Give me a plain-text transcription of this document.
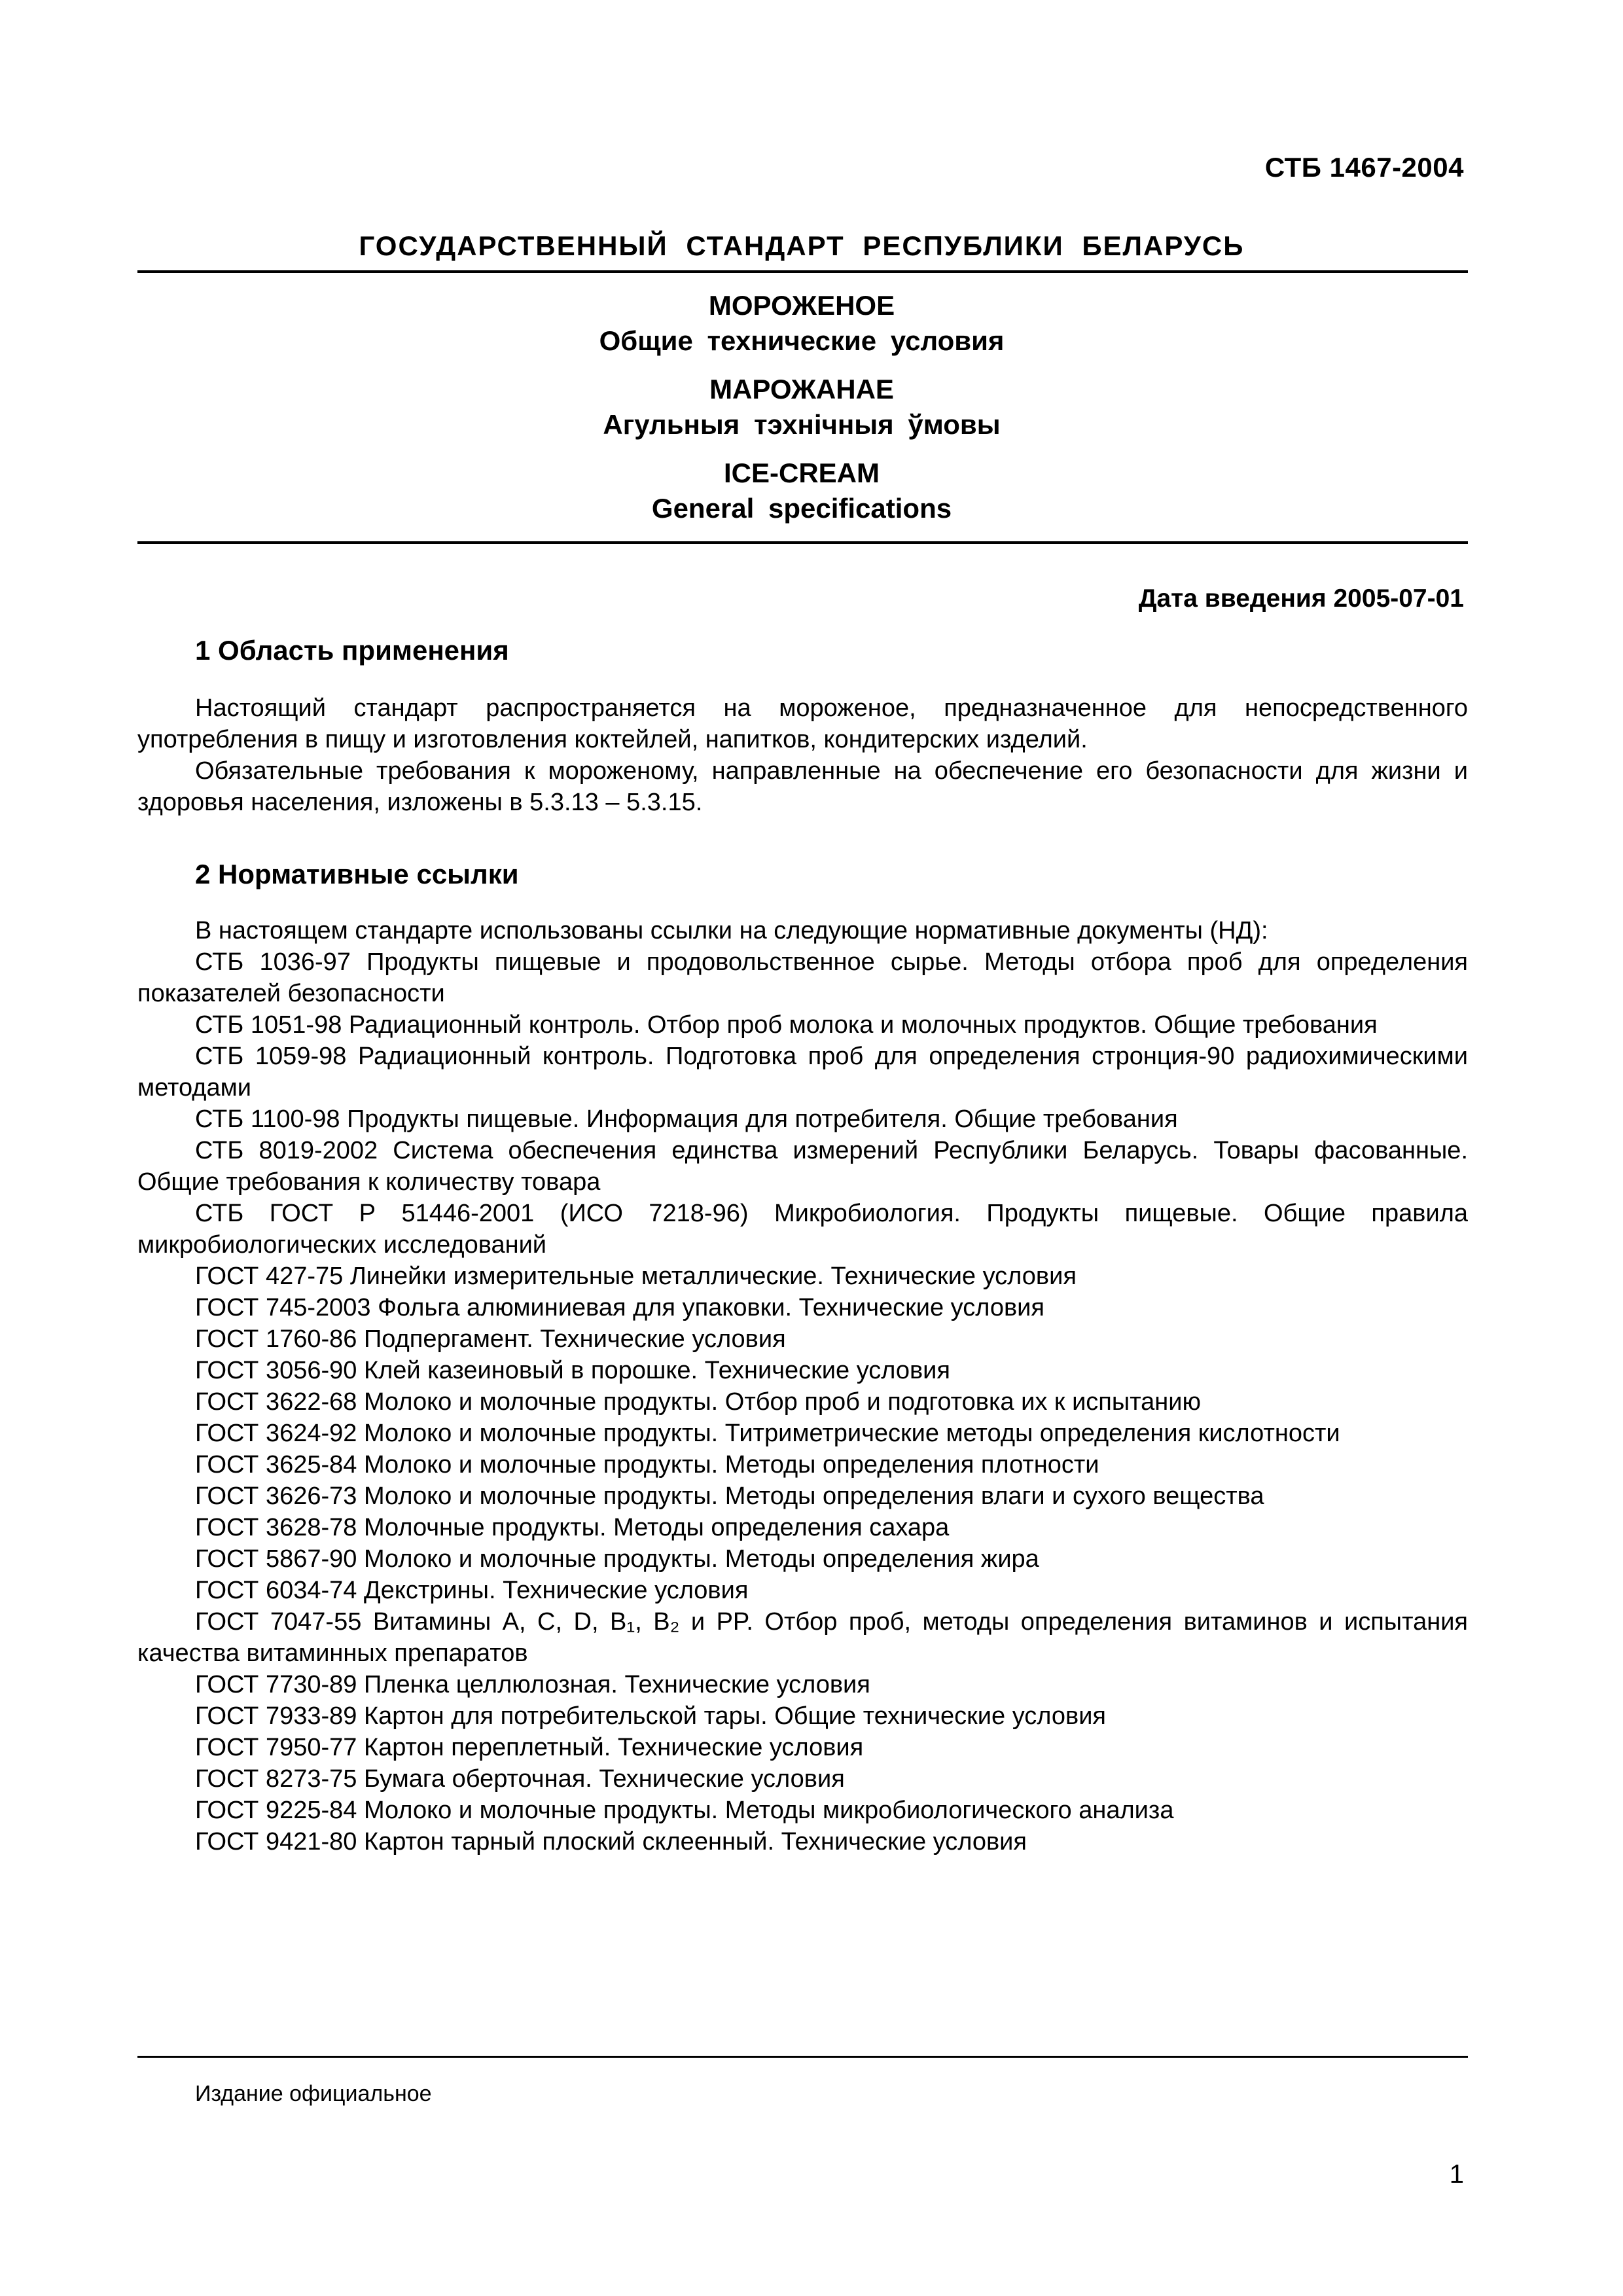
СТБ 1467-2004
ГОСУДАРСТВЕННЫЙ СТАНДАРТ РЕСПУБЛИКИ БЕЛАРУСЬ
МОРОЖЕНОЕ
Общие технические условия
МАРОЖАНАЕ
Агульныя тэхнічныя ўмовы
ICE-CREAM
General specifications
Дата введения 2005-07-01
1 Область применения

Настоящий стандарт распространяется на мороженое, предназначенное для непосредственного употребления в пищу и изготовления коктейлей, напитков, кондитерских изделий.

Обязательные требования к мороженому, направленные на обеспечение его безопасности для жизни и здоровья населения, изложены в 5.3.13 – 5.3.15.

2 Нормативные ссылки

В настоящем стандарте использованы ссылки на следующие нормативные документы (НД):

СТБ 1036-97 Продукты пищевые и продовольственное сырье. Методы отбора проб для определения показателей безопасности

СТБ 1051-98 Радиационный контроль. Отбор проб молока и молочных продуктов. Общие требования

СТБ 1059-98 Радиационный контроль. Подготовка проб для определения стронция-90 радиохимическими методами

СТБ 1100-98 Продукты пищевые. Информация для потребителя. Общие требования

СТБ 8019-2002 Система обеспечения единства измерений Республики Беларусь. Товары фасованные. Общие требования к количеству товара

СТБ ГОСТ Р 51446-2001 (ИСО 7218-96) Микробиология. Продукты пищевые. Общие правила микробиологических исследований

ГОСТ 427-75 Линейки измерительные металлические. Технические условия

ГОСТ 745-2003 Фольга алюминиевая для упаковки. Технические условия

ГОСТ 1760-86 Подпергамент. Технические условия

ГОСТ 3056-90 Клей казеиновый в порошке. Технические условия

ГОСТ 3622-68 Молоко и молочные продукты. Отбор проб и подготовка их к испытанию

ГОСТ 3624-92 Молоко и молочные продукты. Титриметрические методы определения кислотности

ГОСТ 3625-84 Молоко и молочные продукты. Методы определения плотности

ГОСТ 3626-73 Молоко и молочные продукты. Методы определения влаги и сухого вещества

ГОСТ 3628-78 Молочные продукты. Методы определения сахара

ГОСТ 5867-90 Молоко и молочные продукты. Методы определения жира

ГОСТ 6034-74 Декстрины. Технические условия

ГОСТ 7047-55 Витамины А, С, D, B₁, B₂ и PP. Отбор проб, методы определения витаминов и испытания качества витаминных препаратов

ГОСТ 7730-89 Пленка целлюлозная. Технические условия

ГОСТ 7933-89 Картон для потребительской тары. Общие технические условия

ГОСТ 7950-77 Картон переплетный. Технические условия

ГОСТ 8273-75 Бумага оберточная. Технические условия

ГОСТ 9225-84 Молоко и молочные продукты. Методы микробиологического анализа

ГОСТ 9421-80 Картон тарный плоский склеенный. Технические условия

Издание официальное
1
